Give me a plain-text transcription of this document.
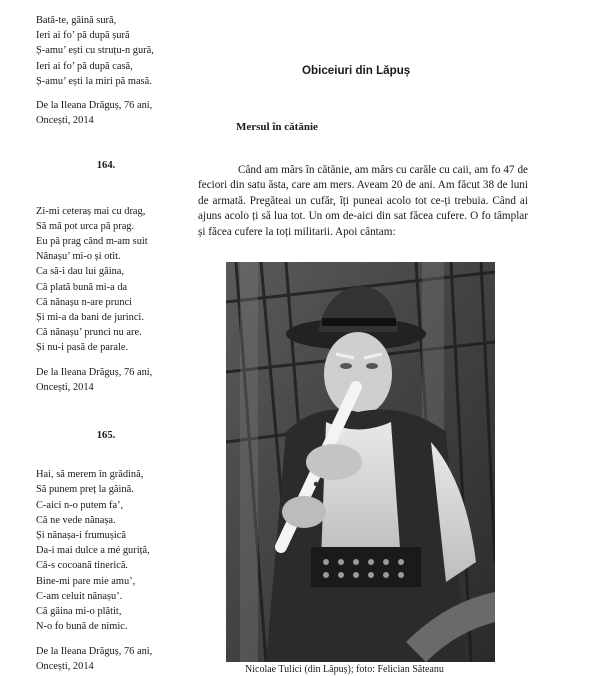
Bată-te, găină sură,
Ieri ai fo’ pă după șură
Ș-amu’ ești cu struțu-n gură,
Ieri ai fo’ pă după casă,
Ș-amu’ ești la miri pă masă.
De la Ileana Drăguș, 76 ani,
Oncești, 2014
164.
Zi-mi ceteraș mai cu drag,
Să mă pot urca pă prag.
Eu pă prag când m-am suit
Nănașu’ mi-o și otit.
Ca să-i dau lui găina,
Că plată bună mi-a da
Că nănașu n-are prunci
Și mi-a da bani de jurinci.
Că nănașu’ prunci nu are.
Și nu-i pasă de parale.
De la Ileana Drăguș, 76 ani,
Oncești, 2014
165.
Hai, să merem în grădină,
Să punem preț la găină.
C-aici n-o putem fa’,
Că ne vede nănașa.
Și nănașa-i frumușică
Da-i mai dulce a mé guriță,
Că-s cocoană tinerică.
Bine-mi pare mie amu’,
C-am celuit nănașu’.
Că găina mi-o plătit,
N-o fo bună de nimic.
De la Ileana Drăguș, 76 ani,
Oncești, 2014
Obiceiuri din Lăpuș
Mersul în cătănie

Când am mârs în cătănie, am mârs cu carăle cu caii, am fo 47 de feciori din satu ăsta, care am mers. Aveam 20 de ani. Am făcut 38 de luni de armată. Pregăteai un cufăr, îți puneai acolo tot ce-ți trebuia. Când ai ajuns acolo ți să lua tot. Un om de-aici din sat făcea cufere. O fo tâmplar și făcea cufere la toți militarii. Apoi cântam:

Nicolae Tulici (din Lăpuș); foto: Felician Săteanu
